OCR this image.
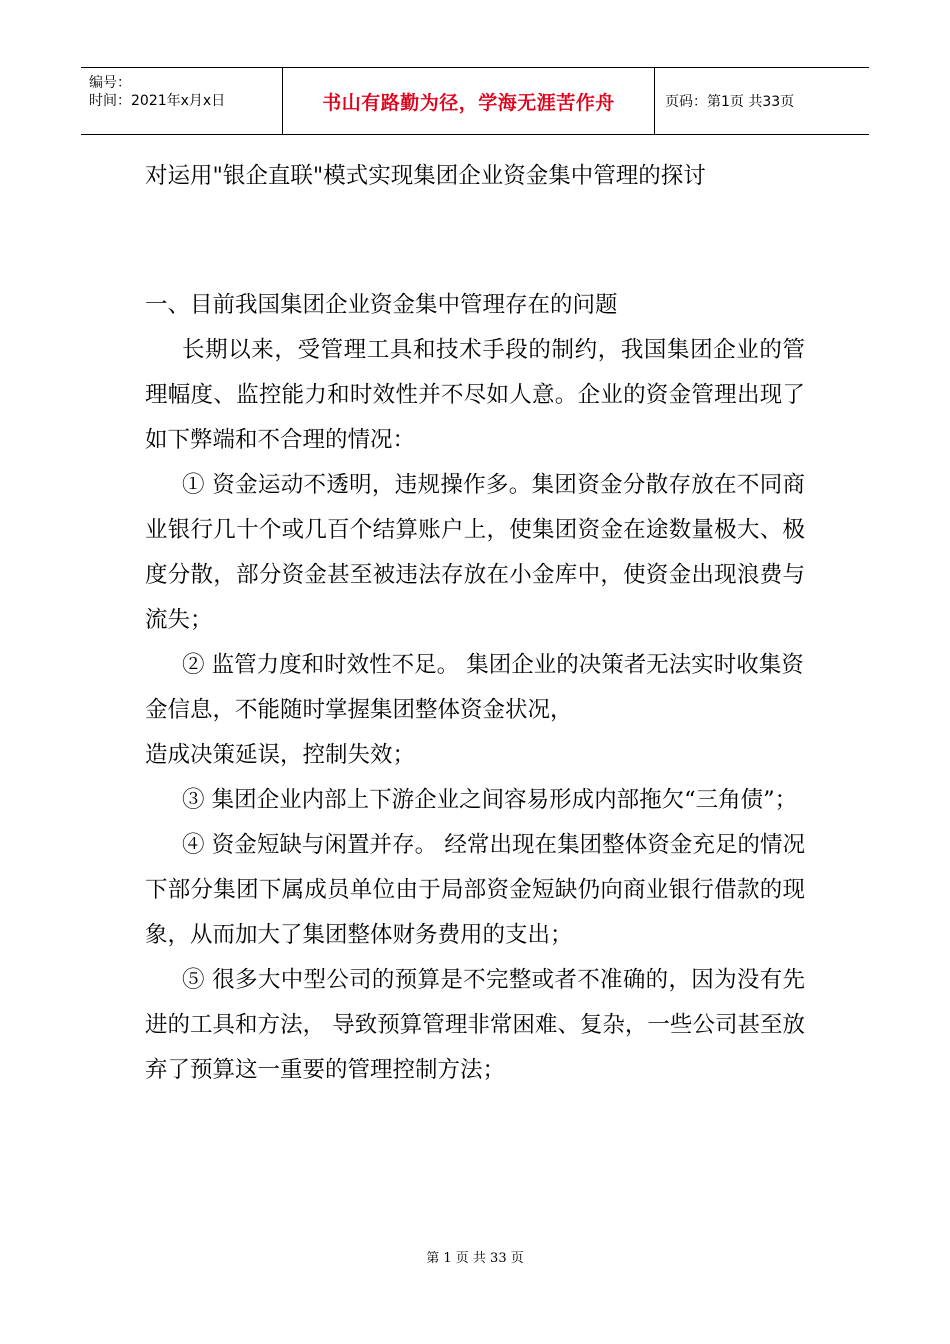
编号：
时间：2021年x月x日	书山有路勤为径，学海无涯苦作舟	页码：第1页 共33页
对运用"银企直联"模式实现集团企业资金集中管理的探讨

一、目前我国集团企业资金集中管理存在的问题

长期以来，受管理工具和技术手段的制约，我国集团企业的管理幅度、监控能力和时效性并不尽如人意。企业的资金管理出现了如下弊端和不合理的情况：

① 资金运动不透明，违规操作多。集团资金分散存放在不同商业银行几十个或几百个结算账户上，使集团资金在途数量极大、极度分散，部分资金甚至被违法存放在小金库中，使资金出现浪费与流失；

② 监管力度和时效性不足。 集团企业的决策者无法实时收集资金信息，不能随时掌握集团整体资金状况，

造成决策延误，控制失效；

③ 集团企业内部上下游企业之间容易形成内部拖欠“三角债”；

④ 资金短缺与闲置并存。 经常出现在集团整体资金充足的情况下部分集团下属成员单位由于局部资金短缺仍向商业银行借款的现象，从而加大了集团整体财务费用的支出；

⑤ 很多大中型公司的预算是不完整或者不准确的，因为没有先进的工具和方法， 导致预算管理非常困难、复杂，一些公司甚至放弃了预算这一重要的管理控制方法；

第 1 页 共 33 页
